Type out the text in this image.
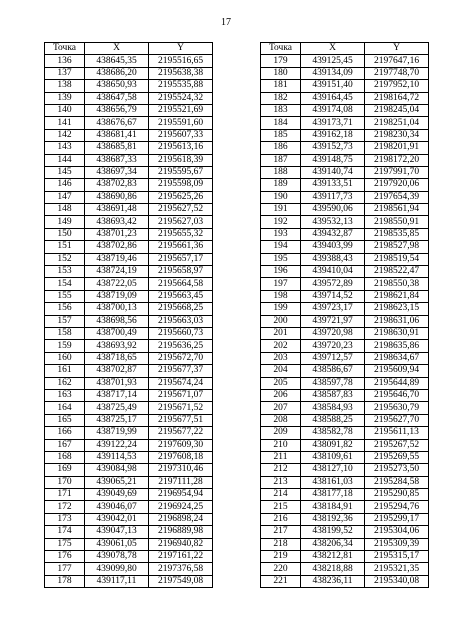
17
Точка	X	Y
136	438645,35	2195516,65
137	438686,20	2195638,38
138	438650,93	2195535,88
139	438647,58	2195524,32
140	438656,79	2195521,69
141	438676,67	2195591,60
142	438681,41	2195607,33
143	438685,81	2195613,16
144	438687,33	2195618,39
145	438697,34	2195595,67
146	438702,83	2195598,09
147	438690,86	2195625,26
148	438691,48	2195627,52
149	438693,42	2195627,03
150	438701,23	2195655,32
151	438702,86	2195661,36
152	438719,46	2195657,17
153	438724,19	2195658,97
154	438722,05	2195664,58
155	438719,09	2195663,45
156	438700,13	2195668,25
157	438698,56	2195663,03
158	438700,49	2195660,73
159	438693,92	2195636,25
160	438718,65	2195672,70
161	438702,87	2195677,37
162	438701,93	2195674,24
163	438717,14	2195671,07
164	438725,49	2195671,52
165	438725,17	2195677,51
166	438719,99	2195677,22
167	439122,24	2197609,30
168	439114,53	2197608,18
169	439084,98	2197310,46
170	439065,21	2197111,28
171	439049,69	2196954,94
172	439046,07	2196924,25
173	439042,01	2196898,24
174	439047,13	2196889,98
175	439061,05	2196940,82
176	439078,78	2197161,22
177	439099,80	2197376,58
178	439117,11	2197549,08
Точка	X	Y
179	439125,45	2197647,16
180	439134,09	2197748,70
181	439151,40	2197952,10
182	439164,45	2198164,72
183	439174,08	2198245,04
184	439173,71	2198251,04
185	439162,18	2198230,34
186	439152,73	2198201,91
187	439148,75	2198172,20
188	439140,74	2197991,70
189	439133,51	2197920,06
190	439117,73	2197654,39
191	439590,06	2198561,94
192	439532,13	2198550,91
193	439432,87	2198535,85
194	439403,99	2198527,98
195	439388,43	2198519,54
196	439410,04	2198522,47
197	439572,89	2198550,38
198	439714,52	2198621,84
199	439723,17	2198623,15
200	439721,97	2198631,06
201	439720,98	2198630,91
202	439720,23	2198635,86
203	439712,57	2198634,67
204	438586,67	2195609,94
205	438597,78	2195644,89
206	438587,83	2195646,70
207	438584,93	2195630,79
208	438588,25	2195627,70
209	438582,78	2195611,13
210	438091,82	2195267,52
211	438109,61	2195269,55
212	438127,10	2195273,50
213	438161,03	2195284,58
214	438177,18	2195290,85
215	438184,91	2195294,76
216	438192,36	2195299,17
217	438199,52	2195304,06
218	438206,34	2195309,39
219	438212,81	2195315,17
220	438218,88	2195321,35
221	438236,11	2195340,08
